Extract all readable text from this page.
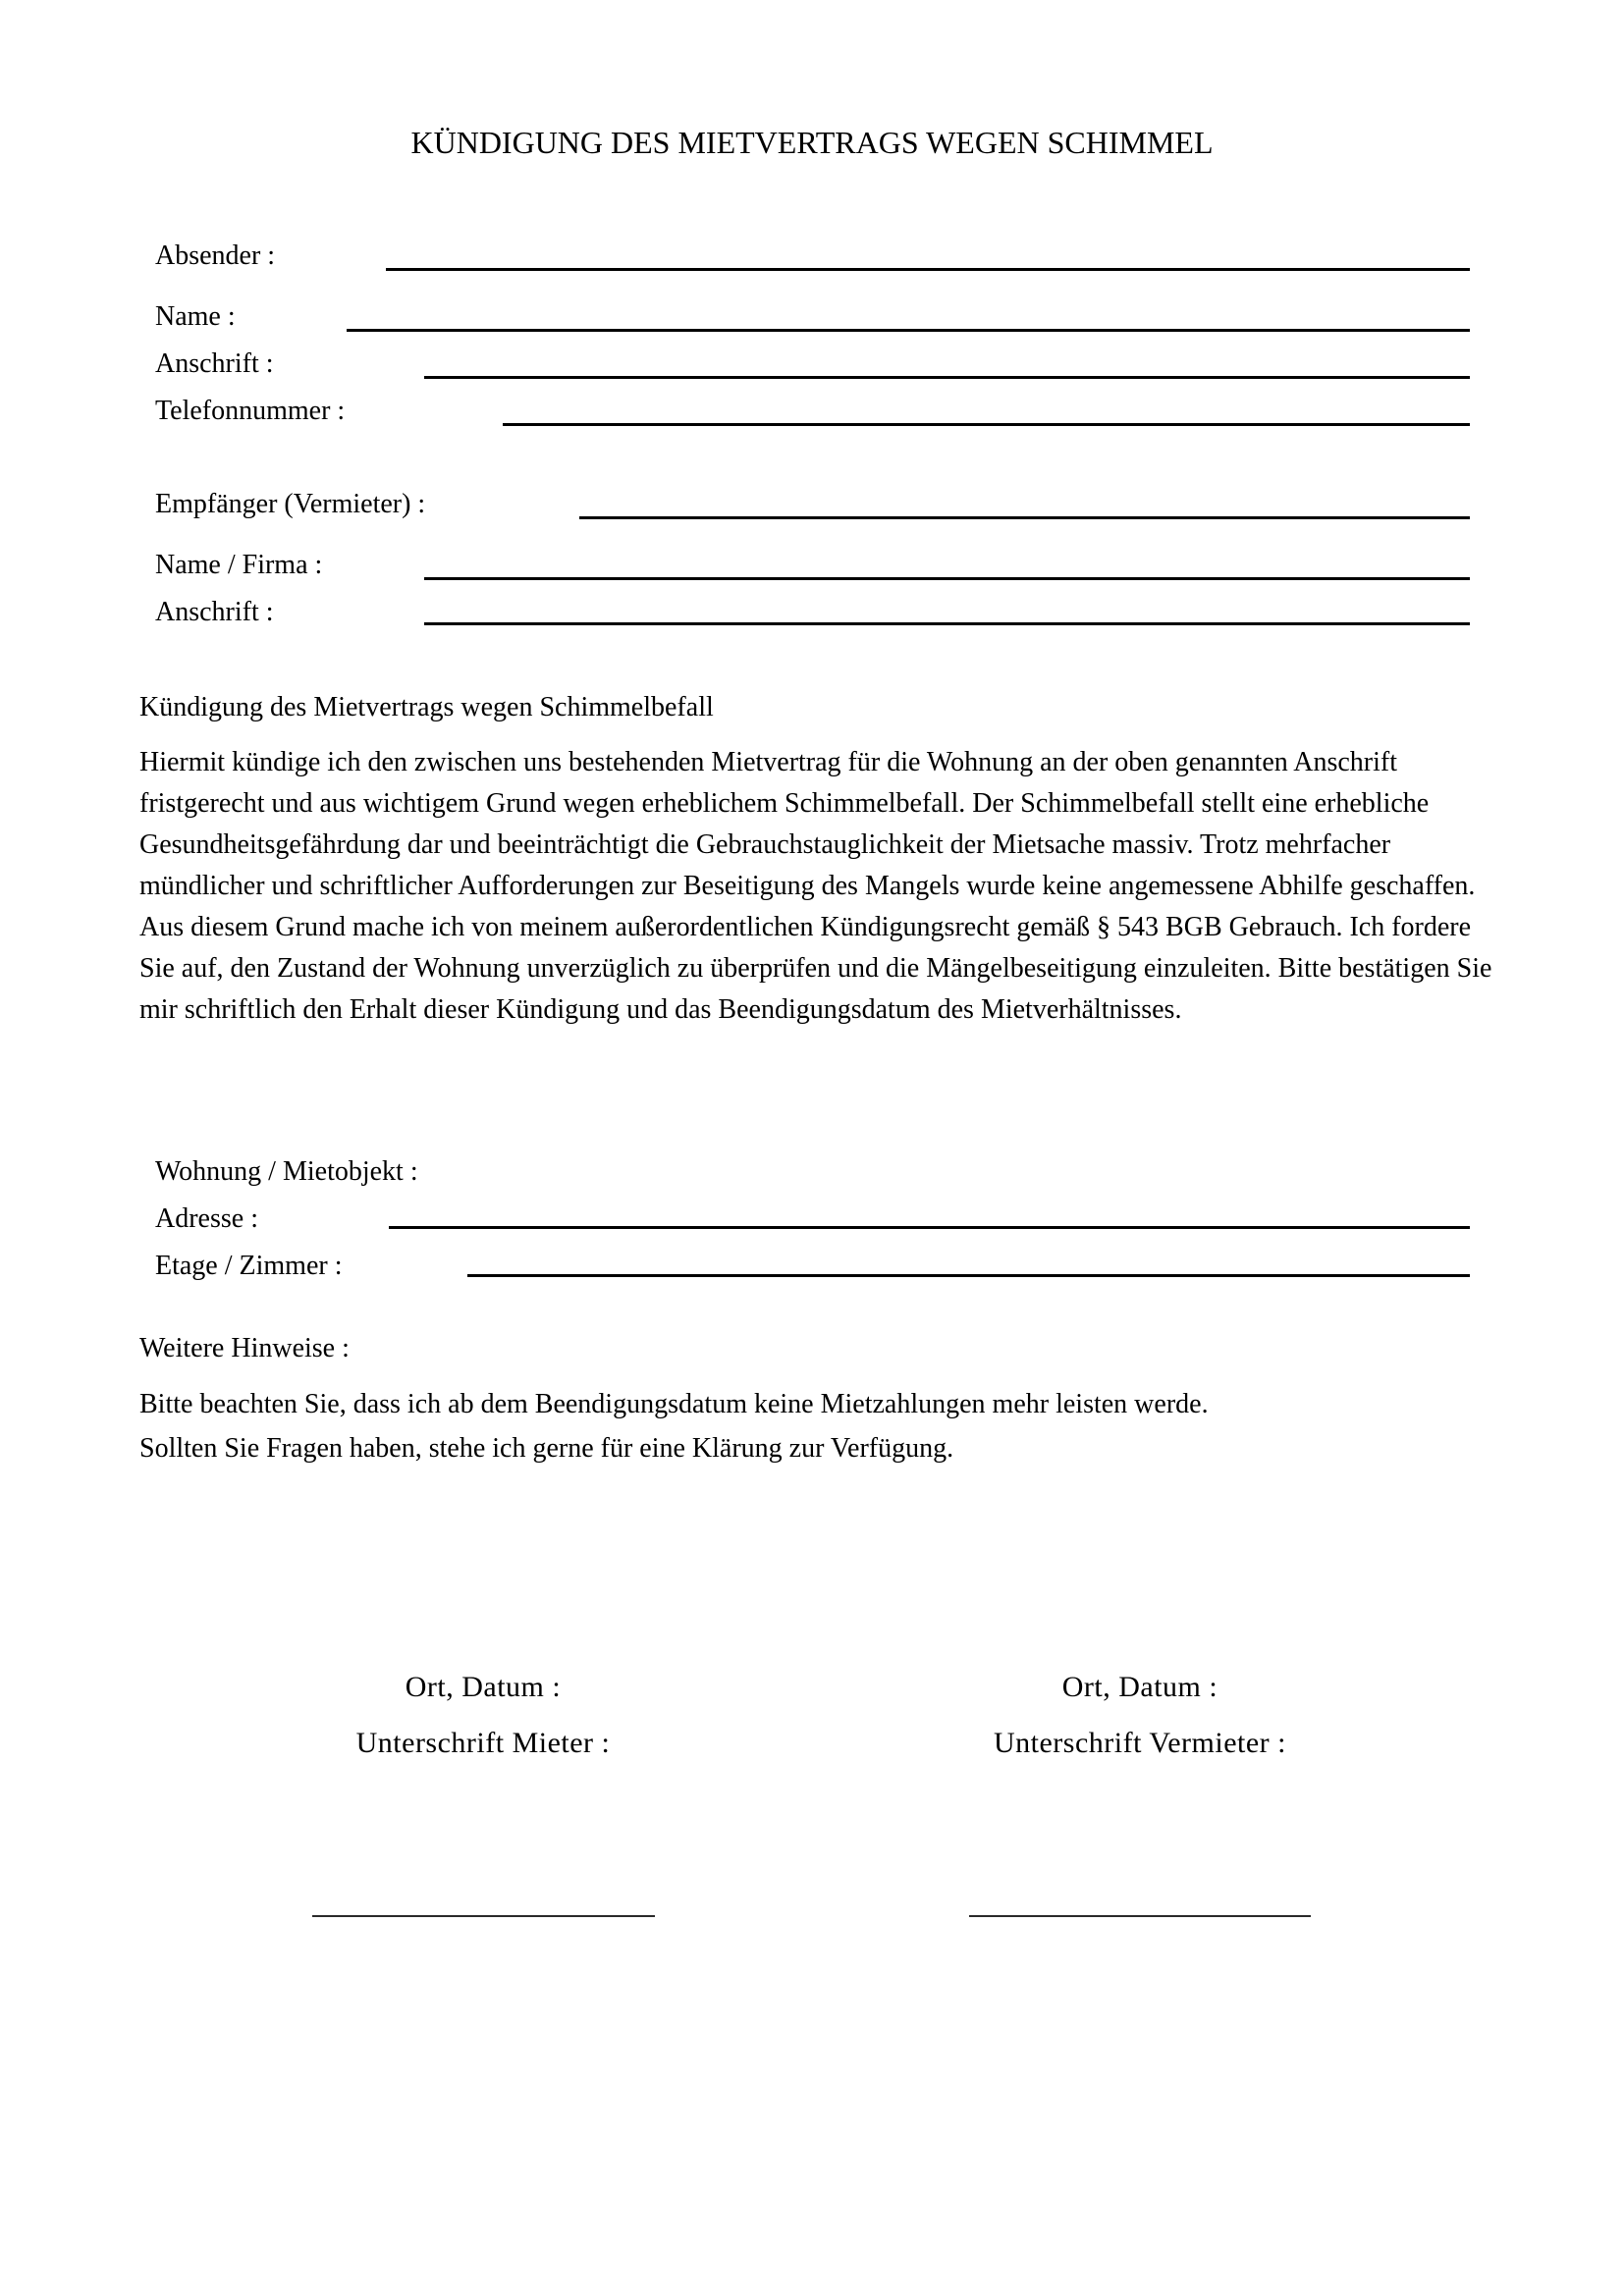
KÜNDIGUNG DES MIETVERTRAGS WEGEN SCHIMMEL
Absender :
Name :
Anschrift :
Telefonnummer :
Empfänger (Vermieter) :
Name / Firma :
Anschrift :
Kündigung des Mietvertrags wegen Schimmelbefall
Hiermit kündige ich den zwischen uns bestehenden Mietvertrag für die Wohnung an der oben genannten Anschrift fristgerecht und aus wichtigem Grund wegen erheblichem Schimmelbefall. Der Schimmelbefall stellt eine erhebliche Gesundheitsgefährdung dar und beeinträchtigt die Gebrauchstauglichkeit der Mietsache massiv. Trotz mehrfacher mündlicher und schriftlicher Aufforderungen zur Beseitigung des Mangels wurde keine angemessene Abhilfe geschaffen. Aus diesem Grund mache ich von meinem außerordentlichen Kündigungsrecht gemäß § 543 BGB Gebrauch. Ich fordere Sie auf, den Zustand der Wohnung unverzüglich zu überprüfen und die Mängelbeseitigung einzuleiten. Bitte bestätigen Sie mir schriftlich den Erhalt dieser Kündigung und das Beendigungsdatum des Mietverhältnisses.
Wohnung / Mietobjekt :
Adresse :
Etage / Zimmer :
Weitere Hinweise :
Bitte beachten Sie, dass ich ab dem Beendigungsdatum keine Mietzahlungen mehr leisten werde.
Sollten Sie Fragen haben, stehe ich gerne für eine Klärung zur Verfügung.
Ort, Datum :	Ort, Datum :
Unterschrift Mieter :	Unterschrift Vermieter :
